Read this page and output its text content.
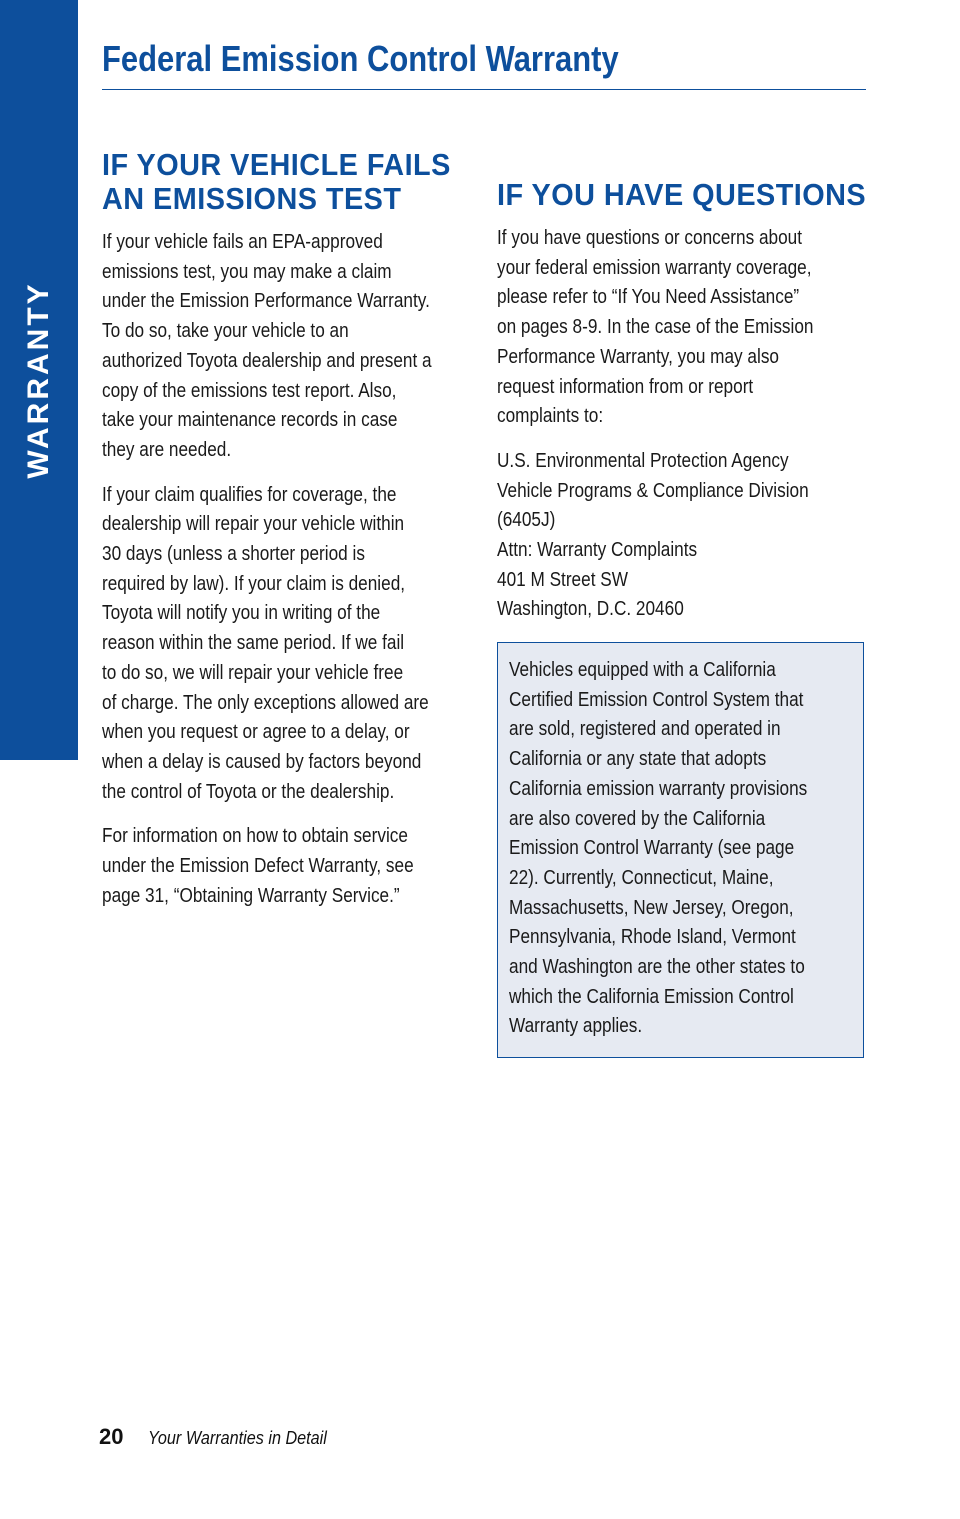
WARRANTY
Federal Emission Control Warranty
IF YOUR VEHICLE FAILS
AN EMISSIONS TEST
If your vehicle fails an EPA-approved
emissions test, you may make a claim
under the Emission Performance Warranty.
To do so, take your vehicle to an
authorized Toyota dealership and present a
copy of the emissions test report. Also,
take your maintenance records in case
they are needed.
If your claim qualifies for coverage, the
dealership will repair your vehicle within
30 days (unless a shorter period is
required by law). If your claim is denied,
Toyota will notify you in writing of the
reason within the same period. If we fail
to do so, we will repair your vehicle free
of charge. The only exceptions allowed are
when you request or agree to a delay, or
when a delay is caused by factors beyond
the control of Toyota or the dealership.
For information on how to obtain service
under the Emission Defect Warranty, see
page 31, “Obtaining Warranty Service.”
IF YOU HAVE QUESTIONS
If you have questions or concerns about
your federal emission warranty coverage,
please refer to “If You Need Assistance”
on pages 8-9. In the case of the Emission
Performance Warranty, you may also
request information from or report
complaints to:
U.S. Environmental Protection Agency
Vehicle Programs & Compliance Division
(6405J)
Attn: Warranty Complaints
401 M Street SW
Washington, D.C. 20460
Vehicles equipped with a California
Certified Emission Control System that
are sold, registered and operated in
California or any state that adopts
California emission warranty provisions
are also covered by the California
Emission Control Warranty (see page
22). Currently, Connecticut, Maine,
Massachusetts, New Jersey, Oregon,
Pennsylvania, Rhode Island, Vermont
and Washington are the other states to
which the California Emission Control
Warranty applies.
20 Your Warranties in Detail
